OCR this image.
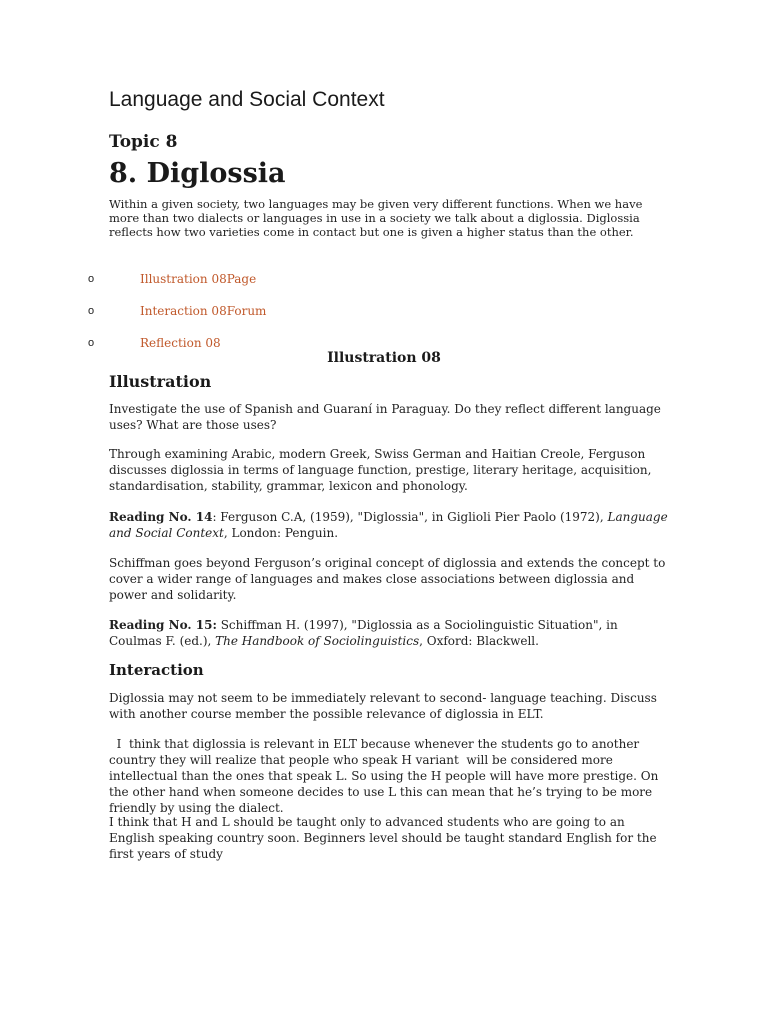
Language and Social Context
Topic 8
8. Diglossia

Within a given society, two languages may be given very different functions. When we have more than two dialects or languages in use in a society we talk about a diglossia. Diglossia reflects how two varieties come in contact but one is given a higher status than the other.

o	Illustration 08Page
o	Interaction 08Forum
o	Reflection 08
Illustration 08
Illustration

Investigate the use of Spanish and Guaraní in Paraguay. Do they reflect different language uses? What are those uses?

Through examining Arabic, modern Greek, Swiss German and Haitian Creole, Ferguson discusses diglossia in terms of language function, prestige, literary heritage, acquisition, standardisation, stability, grammar, lexicon and phonology.

Reading No. 14: Ferguson C.A, (1959), "Diglossia", in Giglioli Pier Paolo (1972), Language and Social Context, London: Penguin.

Schiffman goes beyond Ferguson’s original concept of diglossia and extends the concept to cover a wider range of languages and makes close associations between diglossia and power and solidarity.

Reading No. 15: Schiffman H. (1997), "Diglossia as a Sociolinguistic Situation", in Coulmas F. (ed.), The Handbook of Sociolinguistics, Oxford: Blackwell.

Interaction

Diglossia may not seem to be immediately relevant to second- language teaching. Discuss with another course member the possible relevance of diglossia in ELT.

I  think that diglossia is relevant in ELT because whenever the students go to another country they will realize that people who speak H variant  will be considered more intellectual than the ones that speak L. So using the H people will have more prestige. On the other hand when someone decides to use L this can mean that he’s trying to be more friendly by using the dialect.

I think that H and L should be taught only to advanced students who are going to an English speaking country soon. Beginners level should be taught standard English for the first years of study
